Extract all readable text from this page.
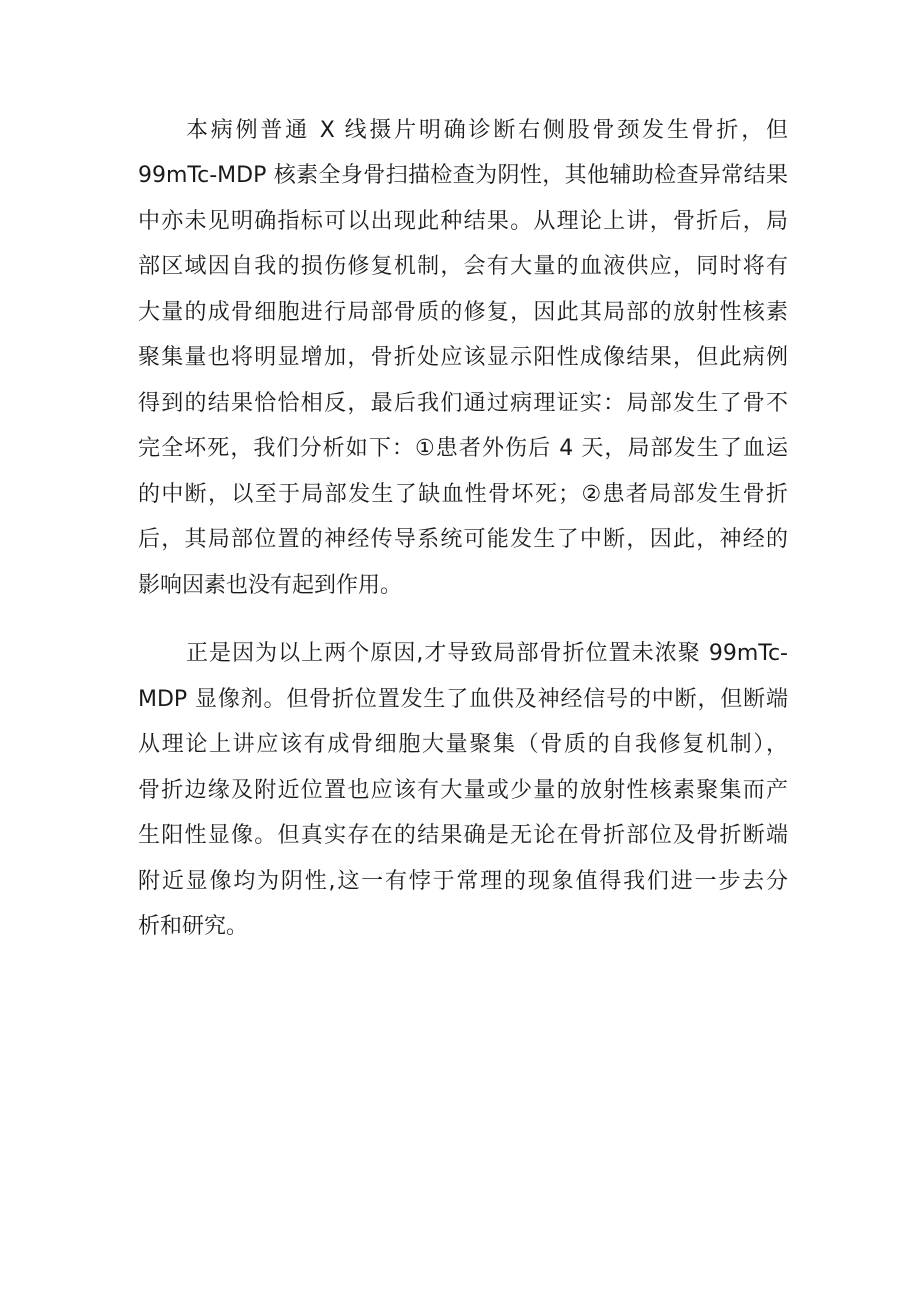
本病例普通 X 线摄片明确诊断右侧股骨颈发生骨折，但
99mTc-MDP 核素全身骨扫描检查为阴性，其他辅助检查异常结果
中亦未见明确指标可以出现此种结果。从理论上讲，骨折后，局
部区域因自我的损伤修复机制，会有大量的血液供应，同时将有
大量的成骨细胞进行局部骨质的修复，因此其局部的放射性核素
聚集量也将明显增加，骨折处应该显示阳性成像结果，但此病例
得到的结果恰恰相反，最后我们通过病理证实：局部发生了骨不
完全坏死，我们分析如下：①患者外伤后 4 天，局部发生了血运
的中断，以至于局部发生了缺血性骨坏死；②患者局部发生骨折
后，其局部位置的神经传导系统可能发生了中断，因此，神经的
影响因素也没有起到作用。
正是因为以上两个原因,才导致局部骨折位置未浓聚 99mTc-
MDP 显像剂。但骨折位置发生了血供及神经信号的中断，但断端
从理论上讲应该有成骨细胞大量聚集（骨质的自我修复机制），
骨折边缘及附近位置也应该有大量或少量的放射性核素聚集而产
生阳性显像。但真实存在的结果确是无论在骨折部位及骨折断端
附近显像均为阴性,这一有悖于常理的现象值得我们进一步去分
析和研究。
